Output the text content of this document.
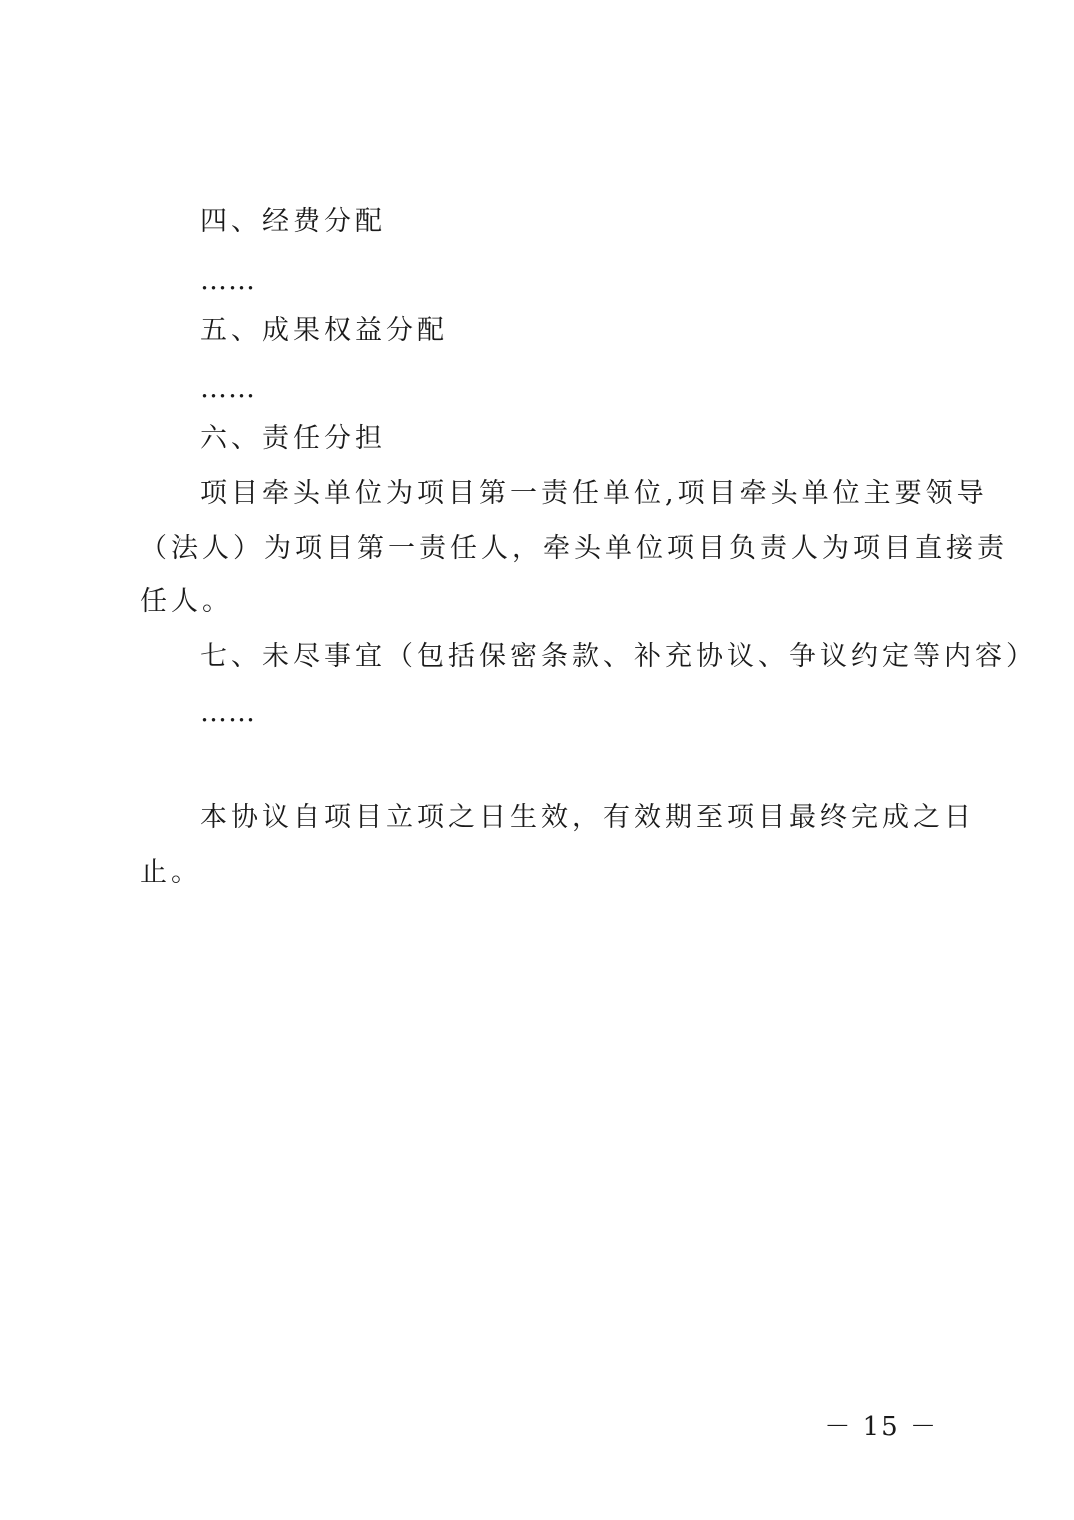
四、经费分配
……
五、成果权益分配
……
六、责任分担
项目牵头单位为项目第一责任单位,项目牵头单位主要领导
（法人）为项目第一责任人，牵头单位项目负责人为项目直接责
任人。
七、未尽事宜（包括保密条款、补充协议、争议约定等内容）
……
本协议自项目立项之日生效，有效期至项目最终完成之日
止。
－ 15 －
